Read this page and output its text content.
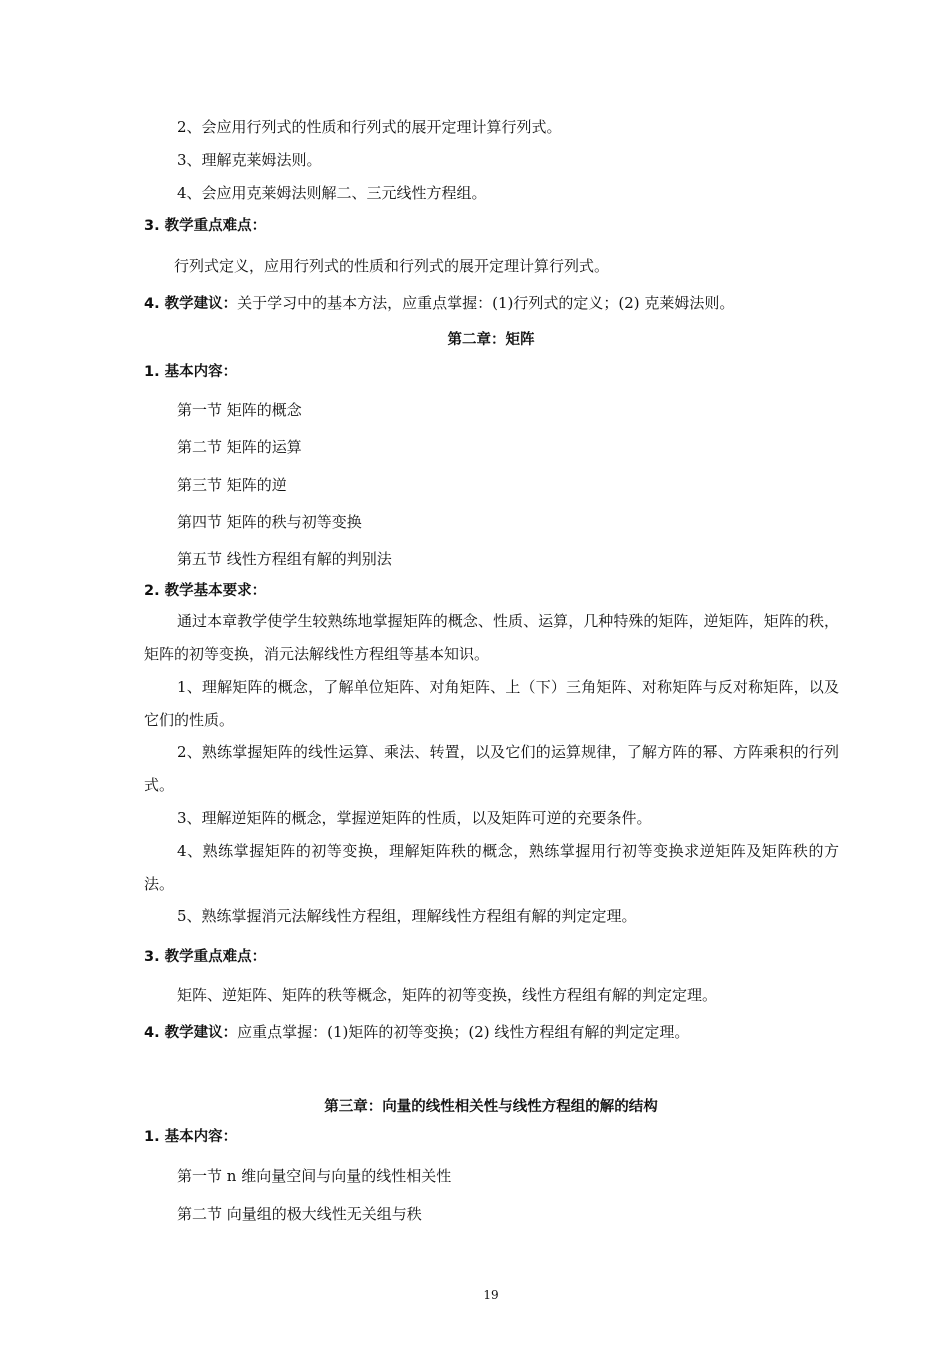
2、会应用行列式的性质和行列式的展开定理计算行列式。
3、理解克莱姆法则。
4、会应用克莱姆法则解二、三元线性方程组。
3. 教学重点难点：
行列式定义，应用行列式的性质和行列式的展开定理计算行列式。
4. 教学建议：关于学习中的基本方法，应重点掌握：(1)行列式的定义；(2) 克莱姆法则。
第二章：矩阵
1. 基本内容：
第一节 矩阵的概念
第二节 矩阵的运算
第三节 矩阵的逆
第四节 矩阵的秩与初等变换
第五节 线性方程组有解的判别法
2. 教学基本要求：
通过本章教学使学生较熟练地掌握矩阵的概念、性质、运算，几种特殊的矩阵，逆矩阵，矩阵的秩，矩阵的初等变换，消元法解线性方程组等基本知识。
1、理解矩阵的概念，了解单位矩阵、对角矩阵、上（下）三角矩阵、对称矩阵与反对称矩阵，以及它们的性质。
2、熟练掌握矩阵的线性运算、乘法、转置，以及它们的运算规律，了解方阵的幂、方阵乘积的行列式。
3、理解逆矩阵的概念，掌握逆矩阵的性质，以及矩阵可逆的充要条件。
4、熟练掌握矩阵的初等变换，理解矩阵秩的概念，熟练掌握用行初等变换求逆矩阵及矩阵秩的方法。
5、熟练掌握消元法解线性方程组，理解线性方程组有解的判定定理。
3. 教学重点难点：
矩阵、逆矩阵、矩阵的秩等概念，矩阵的初等变换，线性方程组有解的判定定理。
4. 教学建议：应重点掌握：(1)矩阵的初等变换；(2) 线性方程组有解的判定定理。
第三章：向量的线性相关性与线性方程组的解的结构
1. 基本内容：
第一节 n 维向量空间与向量的线性相关性
第二节 向量组的极大线性无关组与秩
19
